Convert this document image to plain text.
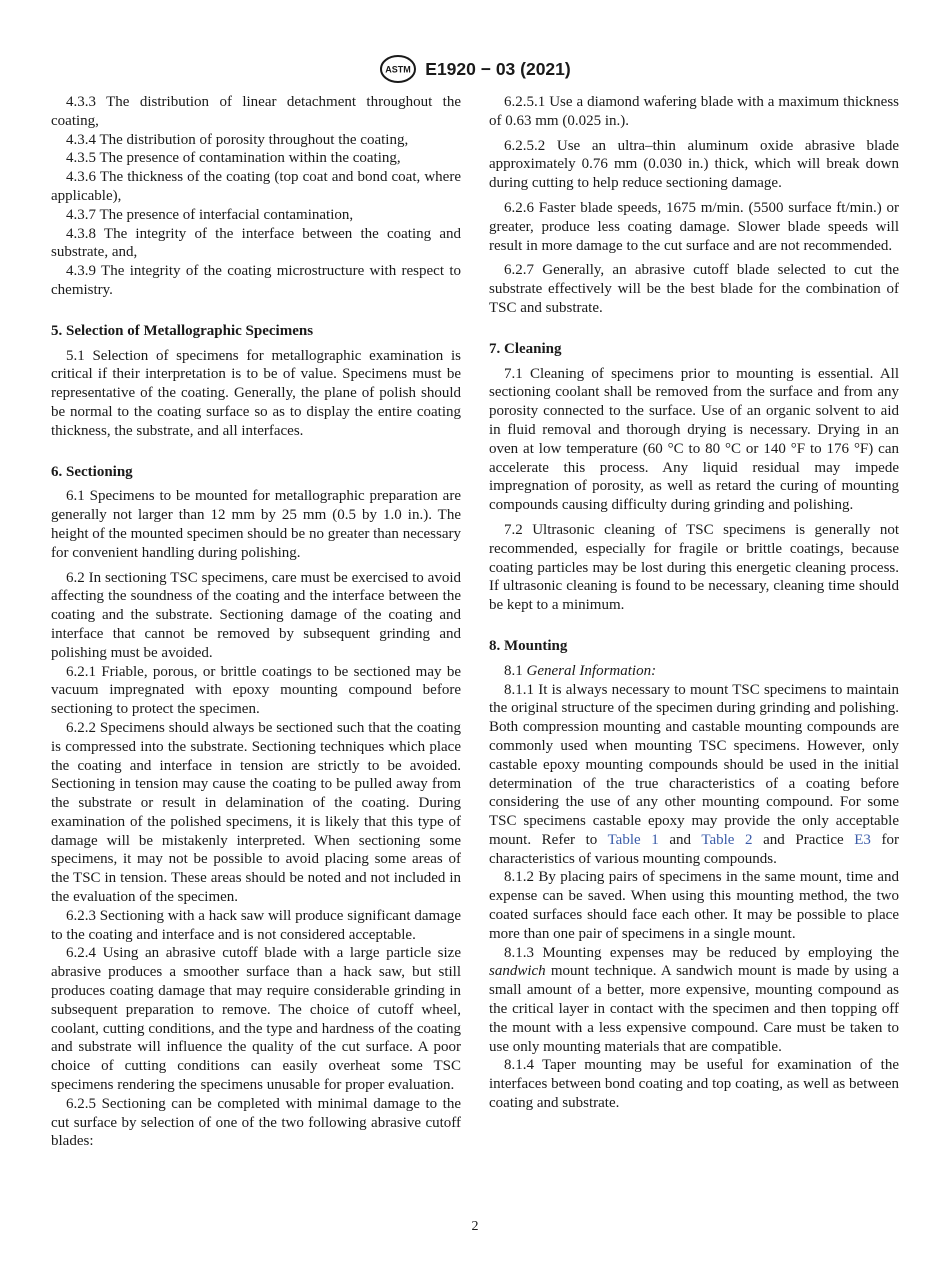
ASTM E1920 − 03 (2021)

4.3.3 The distribution of linear detachment throughout the coating,

4.3.4 The distribution of porosity throughout the coating,

4.3.5 The presence of contamination within the coating,

4.3.6 The thickness of the coating (top coat and bond coat, where applicable),

4.3.7 The presence of interfacial contamination,

4.3.8 The integrity of the interface between the coating and substrate, and,

4.3.9 The integrity of the coating microstructure with respect to chemistry.

5. Selection of Metallographic Specimens

5.1 Selection of specimens for metallographic examination is critical if their interpretation is to be of value. Specimens must be representative of the coating. Generally, the plane of polish should be normal to the coating surface so as to display the entire coating thickness, the substrate, and all interfaces.

6. Sectioning

6.1 Specimens to be mounted for metallographic preparation are generally not larger than 12 mm by 25 mm (0.5 by 1.0 in.). The height of the mounted specimen should be no greater than necessary for convenient handling during polishing.

6.2 In sectioning TSC specimens, care must be exercised to avoid affecting the soundness of the coating and the interface between the coating and the substrate. Sectioning damage of the coating and interface that cannot be removed by subsequent grinding and polishing must be avoided.

6.2.1 Friable, porous, or brittle coatings to be sectioned may be vacuum impregnated with epoxy mounting compound before sectioning to protect the specimen.

6.2.2 Specimens should always be sectioned such that the coating is compressed into the substrate. Sectioning techniques which place the coating and interface in tension are strictly to be avoided. Sectioning in tension may cause the coating to be pulled away from the substrate or result in delamination of the coating. During examination of the polished specimens, it is likely that this type of damage will be mistakenly interpreted. When sectioning some specimens, it may not be possible to avoid placing some areas of the TSC in tension. These areas should be noted and not included in the evaluation of the specimen.

6.2.3 Sectioning with a hack saw will produce significant damage to the coating and interface and is not considered acceptable.

6.2.4 Using an abrasive cutoff blade with a large particle size abrasive produces a smoother surface than a hack saw, but still produces coating damage that may require considerable grinding in subsequent preparation to remove. The choice of cutoff wheel, coolant, cutting conditions, and the type and hardness of the coating and substrate will influence the quality of the cut surface. A poor choice of cutting conditions can easily overheat some TSC specimens rendering the specimens unusable for proper evaluation.

6.2.5 Sectioning can be completed with minimal damage to the cut surface by selection of one of the two following abrasive cutoff blades:

6.2.5.1 Use a diamond wafering blade with a maximum thickness of 0.63 mm (0.025 in.).

6.2.5.2 Use an ultra–thin aluminum oxide abrasive blade approximately 0.76 mm (0.030 in.) thick, which will break down during cutting to help reduce sectioning damage.

6.2.6 Faster blade speeds, 1675 m/min. (5500 surface ft/min.) or greater, produce less coating damage. Slower blade speeds will result in more damage to the cut surface and are not recommended.

6.2.7 Generally, an abrasive cutoff blade selected to cut the substrate effectively will be the best blade for the combination of TSC and substrate.

7. Cleaning

7.1 Cleaning of specimens prior to mounting is essential. All sectioning coolant shall be removed from the surface and from any porosity connected to the surface. Use of an organic solvent to aid in fluid removal and thorough drying is necessary. Drying in an oven at low temperature (60 °C to 80 °C or 140 °F to 176 °F) can accelerate this process. Any liquid residual may impede impregnation of porosity, as well as retard the curing of mounting compounds causing difficulty during grinding and polishing.

7.2 Ultrasonic cleaning of TSC specimens is generally not recommended, especially for fragile or brittle coatings, because coating particles may be lost during this energetic cleaning process. If ultrasonic cleaning is found to be necessary, cleaning time should be kept to a minimum.

8. Mounting

8.1 General Information:

8.1.1 It is always necessary to mount TSC specimens to maintain the original structure of the specimen during grinding and polishing. Both compression mounting and castable mounting compounds are commonly used when mounting TSC specimens. However, only castable epoxy mounting compounds should be used in the initial determination of the true characteristics of a coating before considering the use of any other mounting compound. For some TSC specimens castable epoxy may provide the only acceptable mount. Refer to Table 1 and Table 2 and Practice E3 for characteristics of various mounting compounds.

8.1.2 By placing pairs of specimens in the same mount, time and expense can be saved. When using this mounting method, the two coated surfaces should face each other. It may be possible to place more than one pair of specimens in a single mount.

8.1.3 Mounting expenses may be reduced by employing the sandwich mount technique. A sandwich mount is made by using a small amount of a better, more expensive, mounting compound as the critical layer in contact with the specimen and then topping off the mount with a less expensive compound. Care must be taken to use only mounting materials that are compatible.

8.1.4 Taper mounting may be useful for examination of the interfaces between bond coating and top coating, as well as between coating and substrate.

2
